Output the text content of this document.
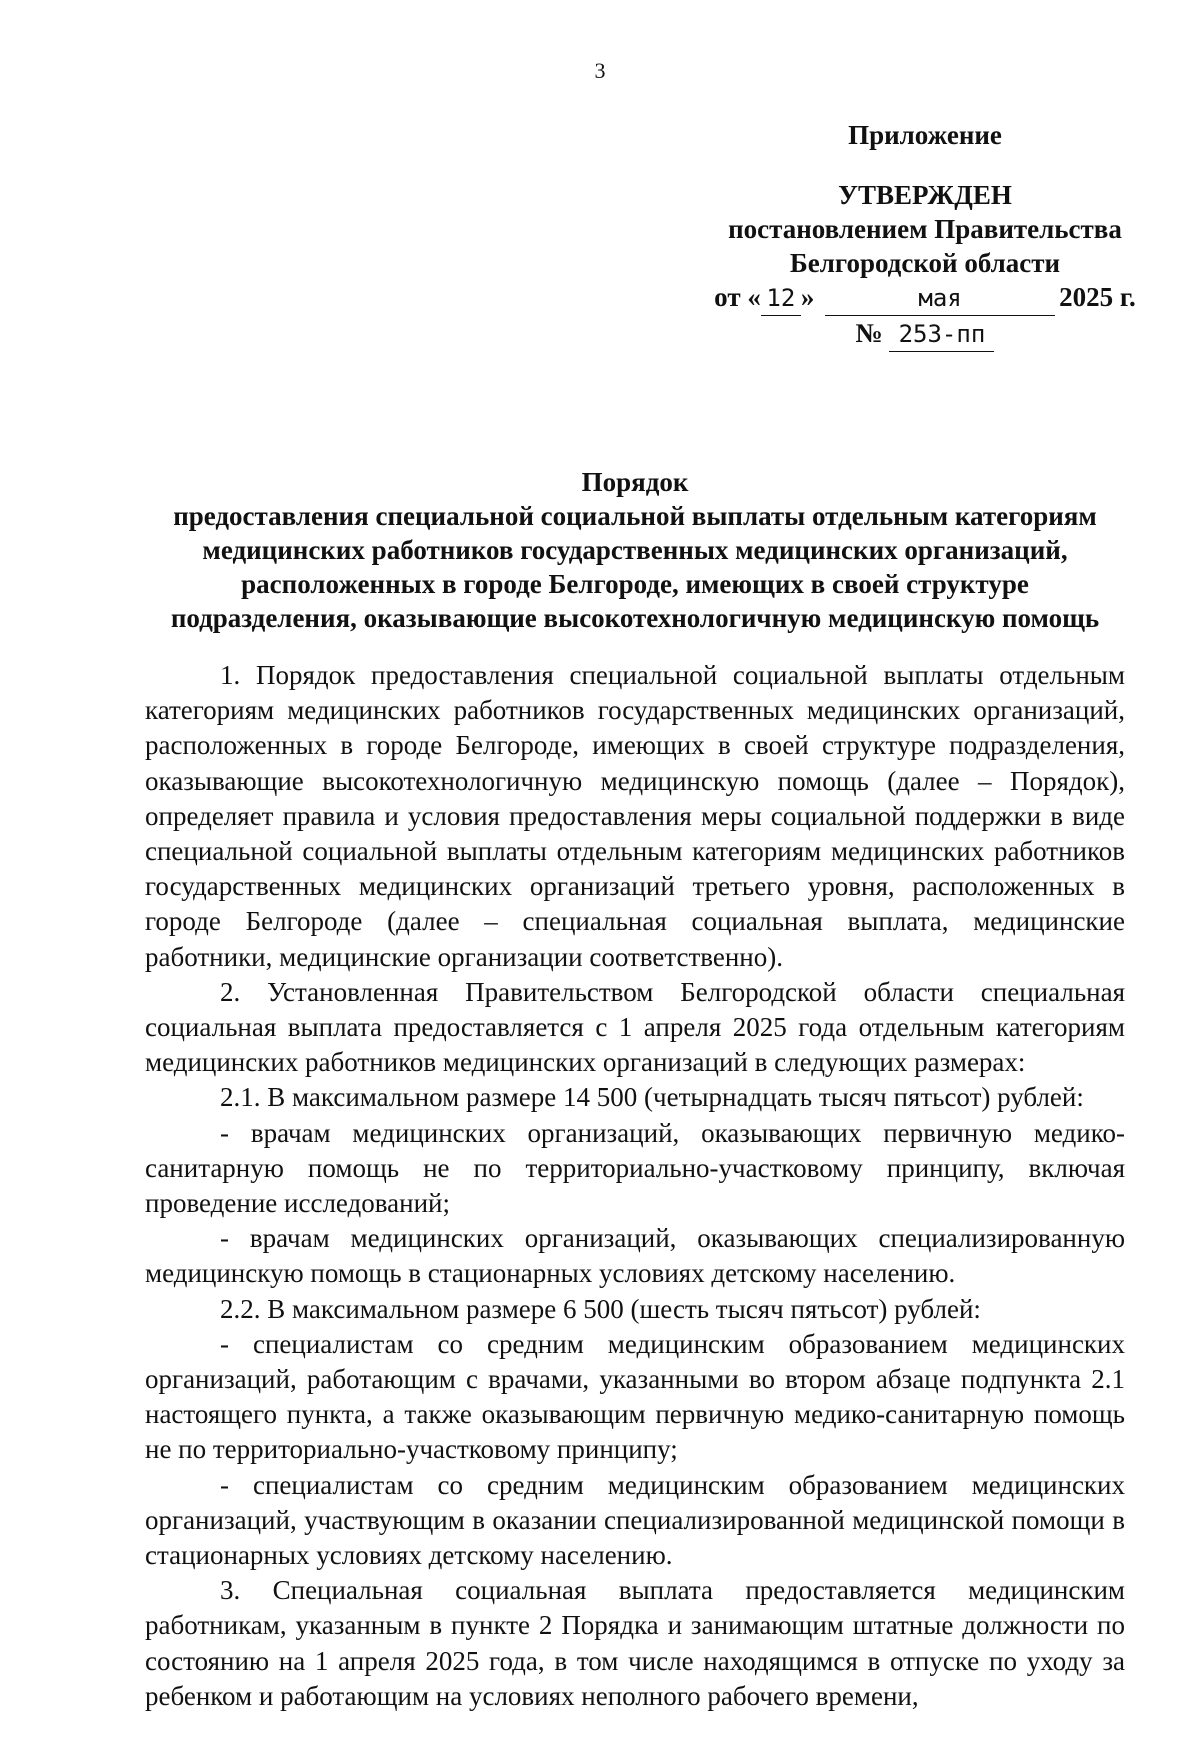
3
Приложение
УТВЕРЖДЕН
постановлением Правительства
Белгородской области
от « 12 »	мая	2025 г.
№ 253-пп
Порядок
предоставления специальной социальной выплаты отдельным категориям медицинских работников государственных медицинских организаций, расположенных в городе Белгороде, имеющих в своей структуре подразделения, оказывающие высокотехнологичную медицинскую помощь

1. Порядок предоставления специальной социальной выплаты отдельным категориям медицинских работников государственных медицинских организаций, расположенных в городе Белгороде, имеющих в своей структуре подразделения, оказывающие высокотехнологичную медицинскую помощь (далее – Порядок), определяет правила и условия предоставления меры социальной поддержки в виде специальной социальной выплаты отдельным категориям медицинских работников государственных медицинских организаций третьего уровня, расположенных в городе Белгороде (далее – специальная социальная выплата, медицинские работники, медицинские организации соответственно).

2. Установленная Правительством Белгородской области специальная социальная выплата предоставляется с 1 апреля 2025 года отдельным категориям медицинских работников медицинских организаций в следующих размерах:

2.1. В максимальном размере 14 500 (четырнадцать тысяч пятьсот) рублей:

- врачам медицинских организаций, оказывающих первичную медико-санитарную помощь не по территориально-участковому принципу, включая проведение исследований;

- врачам медицинских организаций, оказывающих специализированную медицинскую помощь в стационарных условиях детскому населению.

2.2. В максимальном размере 6 500 (шесть тысяч пятьсот) рублей:

- специалистам со средним медицинским образованием медицинских организаций, работающим с врачами, указанными во втором абзаце подпункта 2.1 настоящего пункта, а также оказывающим первичную медико-санитарную помощь не по территориально-участковому принципу;

- специалистам со средним медицинским образованием медицинских организаций, участвующим в оказании специализированной медицинской помощи в стационарных условиях детскому населению.

3. Специальная социальная выплата предоставляется медицинским работникам, указанным в пункте 2 Порядка и занимающим штатные должности по состоянию на 1 апреля 2025 года, в том числе находящимся в отпуске по уходу за ребенком и работающим на условиях неполного рабочего времени,
